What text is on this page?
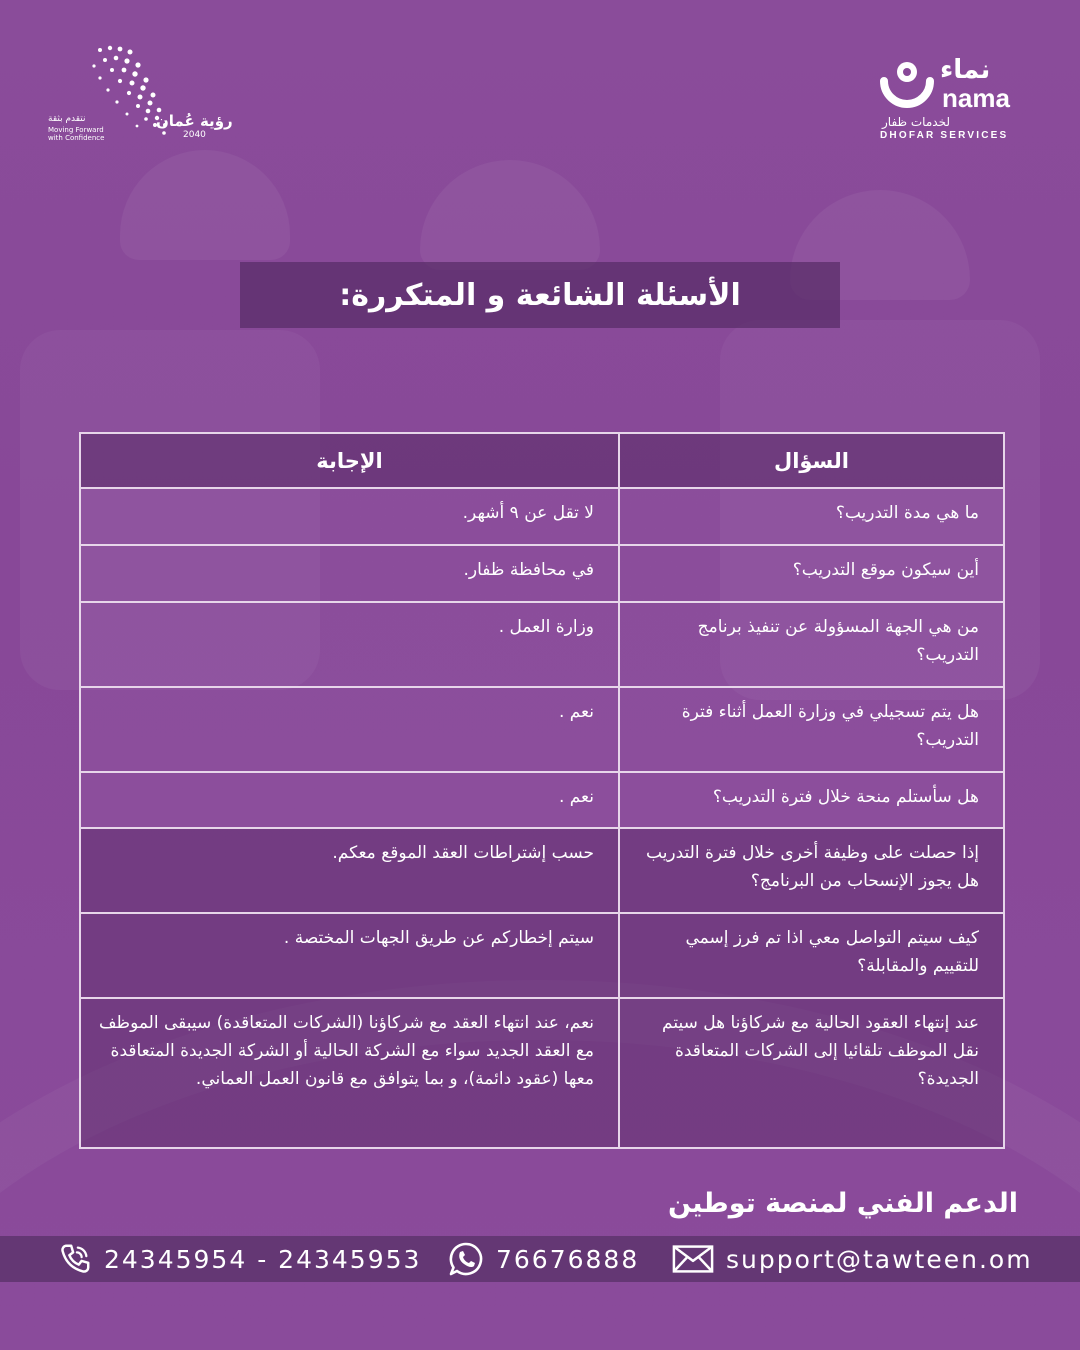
رؤية عُمان
2040
نتقدم بثقة
Moving Forward
with Confidence
نماء
nama
لخدمات ظفار
DHOFAR SERVICES
الأسئلة الشائعة و المتكررة:
السؤال	الإجابة
ما هي مدة التدريب؟	لا تقل عن ٩ أشهر.
أين سيكون موقع التدريب؟	في محافظة ظفار.
من هي الجهة المسؤولة عن تنفيذ برنامج التدريب؟	وزارة العمل .
هل يتم تسجيلي في وزارة العمل أثناء فترة التدريب؟	نعم .
هل سأستلم منحة خلال فترة التدريب؟	نعم .
إذا حصلت على وظيفة أخرى خلال فترة التدريب هل يجوز الإنسحاب من البرنامج؟	حسب إشتراطات العقد الموقع معكم.
كيف سيتم التواصل معي اذا تم فرز إسمي للتقييم والمقابلة؟	سيتم إخطاركم عن طريق الجهات المختصة .
عند إنتهاء العقود الحالية مع شركاؤنا هل سيتم نقل الموظف تلقائيا إلى الشركات المتعاقدة الجديدة؟	نعم، عند انتهاء العقد مع شركاؤنا (الشركات المتعاقدة) سيبقى الموظف مع العقد الجديد سواء مع الشركة الحالية أو الشركة الجديدة المتعاقدة معها (عقود دائمة)، و بما يتوافق مع قانون العمل العماني.
الدعم الفني لمنصة توطين
24345954 - 24345953	76676888	support@tawteen.om
